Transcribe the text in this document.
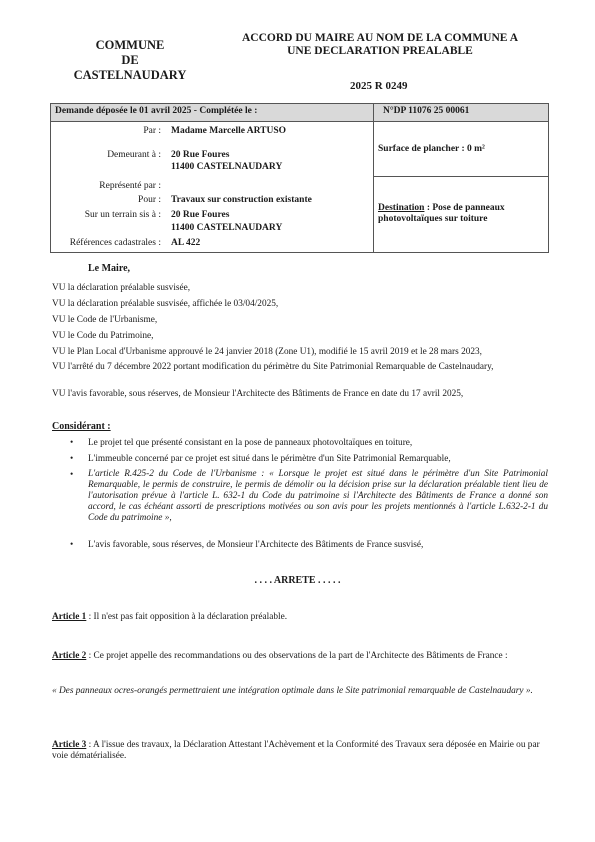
COMMUNE
DE
CASTELNAUDARY
ACCORD DU MAIRE AU NOM DE LA COMMUNE A
UNE DECLARATION PREALABLE
2025 R 0249
Demande déposée le 01 avril 2025 - Complétée le :	N°DP 11076 25 00061
Par : Madame Marcelle ARTUSO
Demeurant à : 20 Rue Foures
11400 CASTELNAUDARY
Représenté par :
Pour : Travaux sur construction existante
Sur un terrain sis à : 20 Rue Foures
11400 CASTELNAUDARY
Références cadastrales : AL 422
Surface de plancher : 0 m²
Destination : Pose de panneaux photovoltaïques sur toiture
Le Maire,
VU la déclaration préalable susvisée,
VU la déclaration préalable susvisée, affichée le 03/04/2025,
VU le Code de l'Urbanisme,
VU le Code du Patrimoine,
VU le Plan Local d'Urbanisme approuvé le 24 janvier 2018 (Zone U1), modifié le 15 avril 2019 et le 28 mars 2023,
VU l'arrêté du 7 décembre 2022 portant modification du périmètre du Site Patrimonial Remarquable de Castelnaudary,
VU l'avis favorable, sous réserves, de Monsieur l'Architecte des Bâtiments de France en date du 17 avril 2025,
Considérant :
• Le projet tel que présenté consistant en la pose de panneaux photovoltaïques en toiture,
• L'immeuble concerné par ce projet est situé dans le périmètre d'un Site Patrimonial Remarquable,
• L'article R.425-2 du Code de l'Urbanisme : « Lorsque le projet est situé dans le périmètre d'un Site Patrimonial Remarquable, le permis de construire, le permis de démolir ou la décision prise sur la déclaration préalable tient lieu de l'autorisation prévue à l'article L. 632-1 du Code du patrimoine si l'Architecte des Bâtiments de France a donné son accord, le cas échéant assorti de prescriptions motivées ou son avis pour les projets mentionnés à l'article L.632-2-1 du Code du patrimoine »,
• L'avis favorable, sous réserves, de Monsieur l'Architecte des Bâtiments de France susvisé,
. . . . ARRETE . . . . .
Article 1 : Il n'est pas fait opposition à la déclaration préalable.
Article 2 : Ce projet appelle des recommandations ou des observations de la part de l'Architecte des Bâtiments de France :
« Des panneaux ocres-orangés permettraient une intégration optimale dans le Site patrimonial remarquable de Castelnaudary ».
Article 3 : A l'issue des travaux, la Déclaration Attestant l'Achèvement et la Conformité des Travaux sera déposée en Mairie ou par voie dématérialisée.
